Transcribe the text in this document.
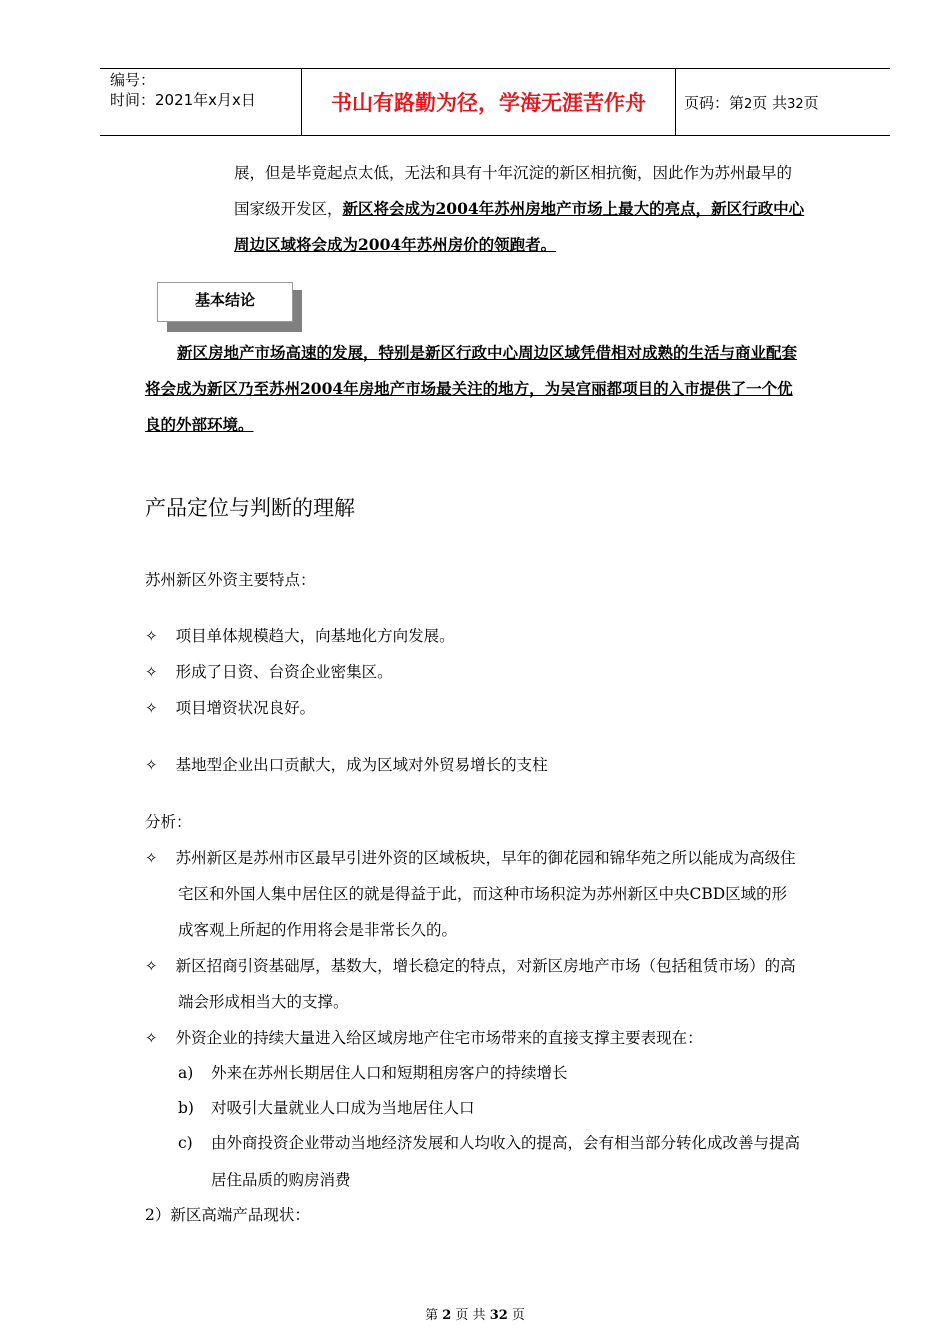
编号：
时间：2021年x月x日	书山有路勤为径，学海无涯苦作舟	页码：第2页 共32页
展，但是毕竟起点太低，无法和具有十年沉淀的新区相抗衡，因此作为苏州最早的
国家级开发区，新区将会成为2004年苏州房地产市场上最大的亮点，新区行政中心
周边区域将会成为2004年苏州房价的领跑者。
基本结论
新区房地产市场高速的发展，特别是新区行政中心周边区域凭借相对成熟的生活与商业配套
将会成为新区乃至苏州2004年房地产市场最关注的地方，为吴宫丽都项目的入市提供了一个优
良的外部环境。
产品定位与判断的理解
苏州新区外资主要特点：
✧ 项目单体规模趋大，向基地化方向发展。
✧ 形成了日资、台资企业密集区。
✧ 项目增资状况良好。
✧ 基地型企业出口贡献大，成为区域对外贸易增长的支柱
分析：
✧ 苏州新区是苏州市区最早引进外资的区域板块，早年的御花园和锦华苑之所以能成为高级住
宅区和外国人集中居住区的就是得益于此，而这种市场积淀为苏州新区中央CBD区域的形
成客观上所起的作用将会是非常长久的。
✧ 新区招商引资基础厚，基数大，增长稳定的特点，对新区房地产市场（包括租赁市场）的高
端会形成相当大的支撑。
✧ 外资企业的持续大量进入给区域房地产住宅市场带来的直接支撑主要表现在：
a) 外来在苏州长期居住人口和短期租房客户的持续增长
b) 对吸引大量就业人口成为当地居住人口
c) 由外商投资企业带动当地经济发展和人均收入的提高，会有相当部分转化成改善与提高
居住品质的购房消费
2）新区高端产品现状：
第 2 页 共 32 页
